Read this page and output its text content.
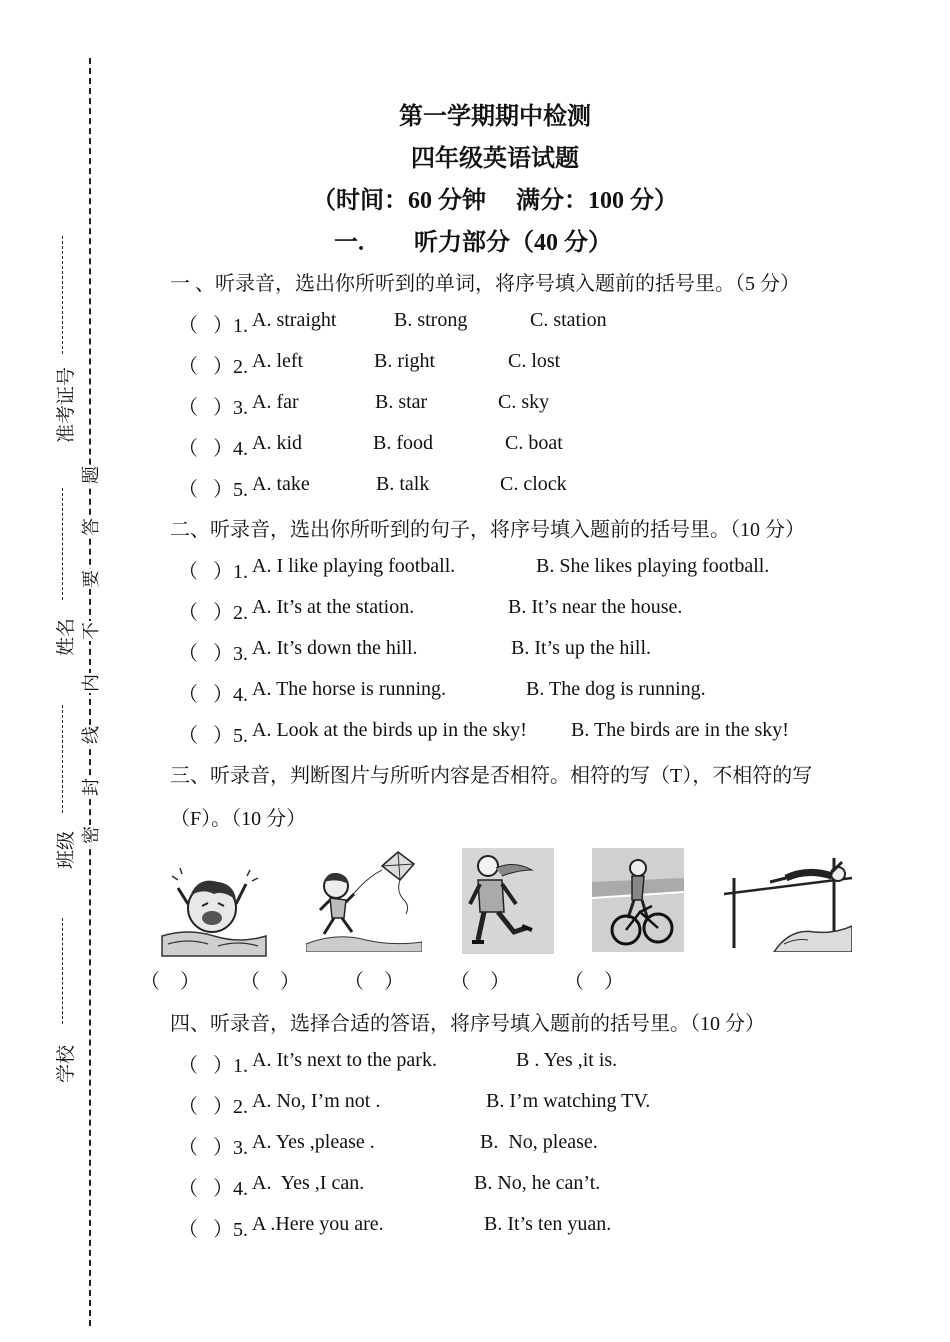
准考证号
姓名
班级
学校
题
答
要
不
内
线
封
密
第一学期期中检测
四年级英语试题
（时间：60 分钟     满分：100 分）
一. 听力部分（40 分）
一 、听录音，选出你所听到的单词，将序号填入题前的括号里。（5 分）
（   ）1. A. straight	B. strong	C. station
（   ）2. A. left	B. right	C. lost
（   ）3. A. far	B. star	C. sky
（   ）4. A. kid	B. food	C. boat
（   ）5. A. take	B. talk	C. clock
二、听录音，选出你所听到的句子，将序号填入题前的括号里。（10 分）
（   ）1. A. I like playing football.	B. She likes playing football.
（   ）2. A. It’s at the station.	B. It’s near the house.
（   ）3. A. It’s down the hill.	B. It’s up the hill.
（   ）4. A. The horse is running.	B. The dog is running.
（   ）5. A. Look at the birds up in the sky! B. The birds are in the sky!
三、听录音，判断图片与所听内容是否相符。相符的写（T），不相符的写
（F）。（10 分）
（    ） （    ） （    ） （    ）	（    ）
四、听录音，选择合适的答语，将序号填入题前的括号里。（10 分）
（   ）1. A. It’s next to the park.	B . Yes ,it is.
（   ）2. A. No, I’m not .	B. I’m watching TV.
（   ）3. A. Yes ,please .	B.  No, please.
（   ）4. A.  Yes ,I can.	B. No, he can’t.
（   ）5. A .Here you are.	B. It’s ten yuan.
